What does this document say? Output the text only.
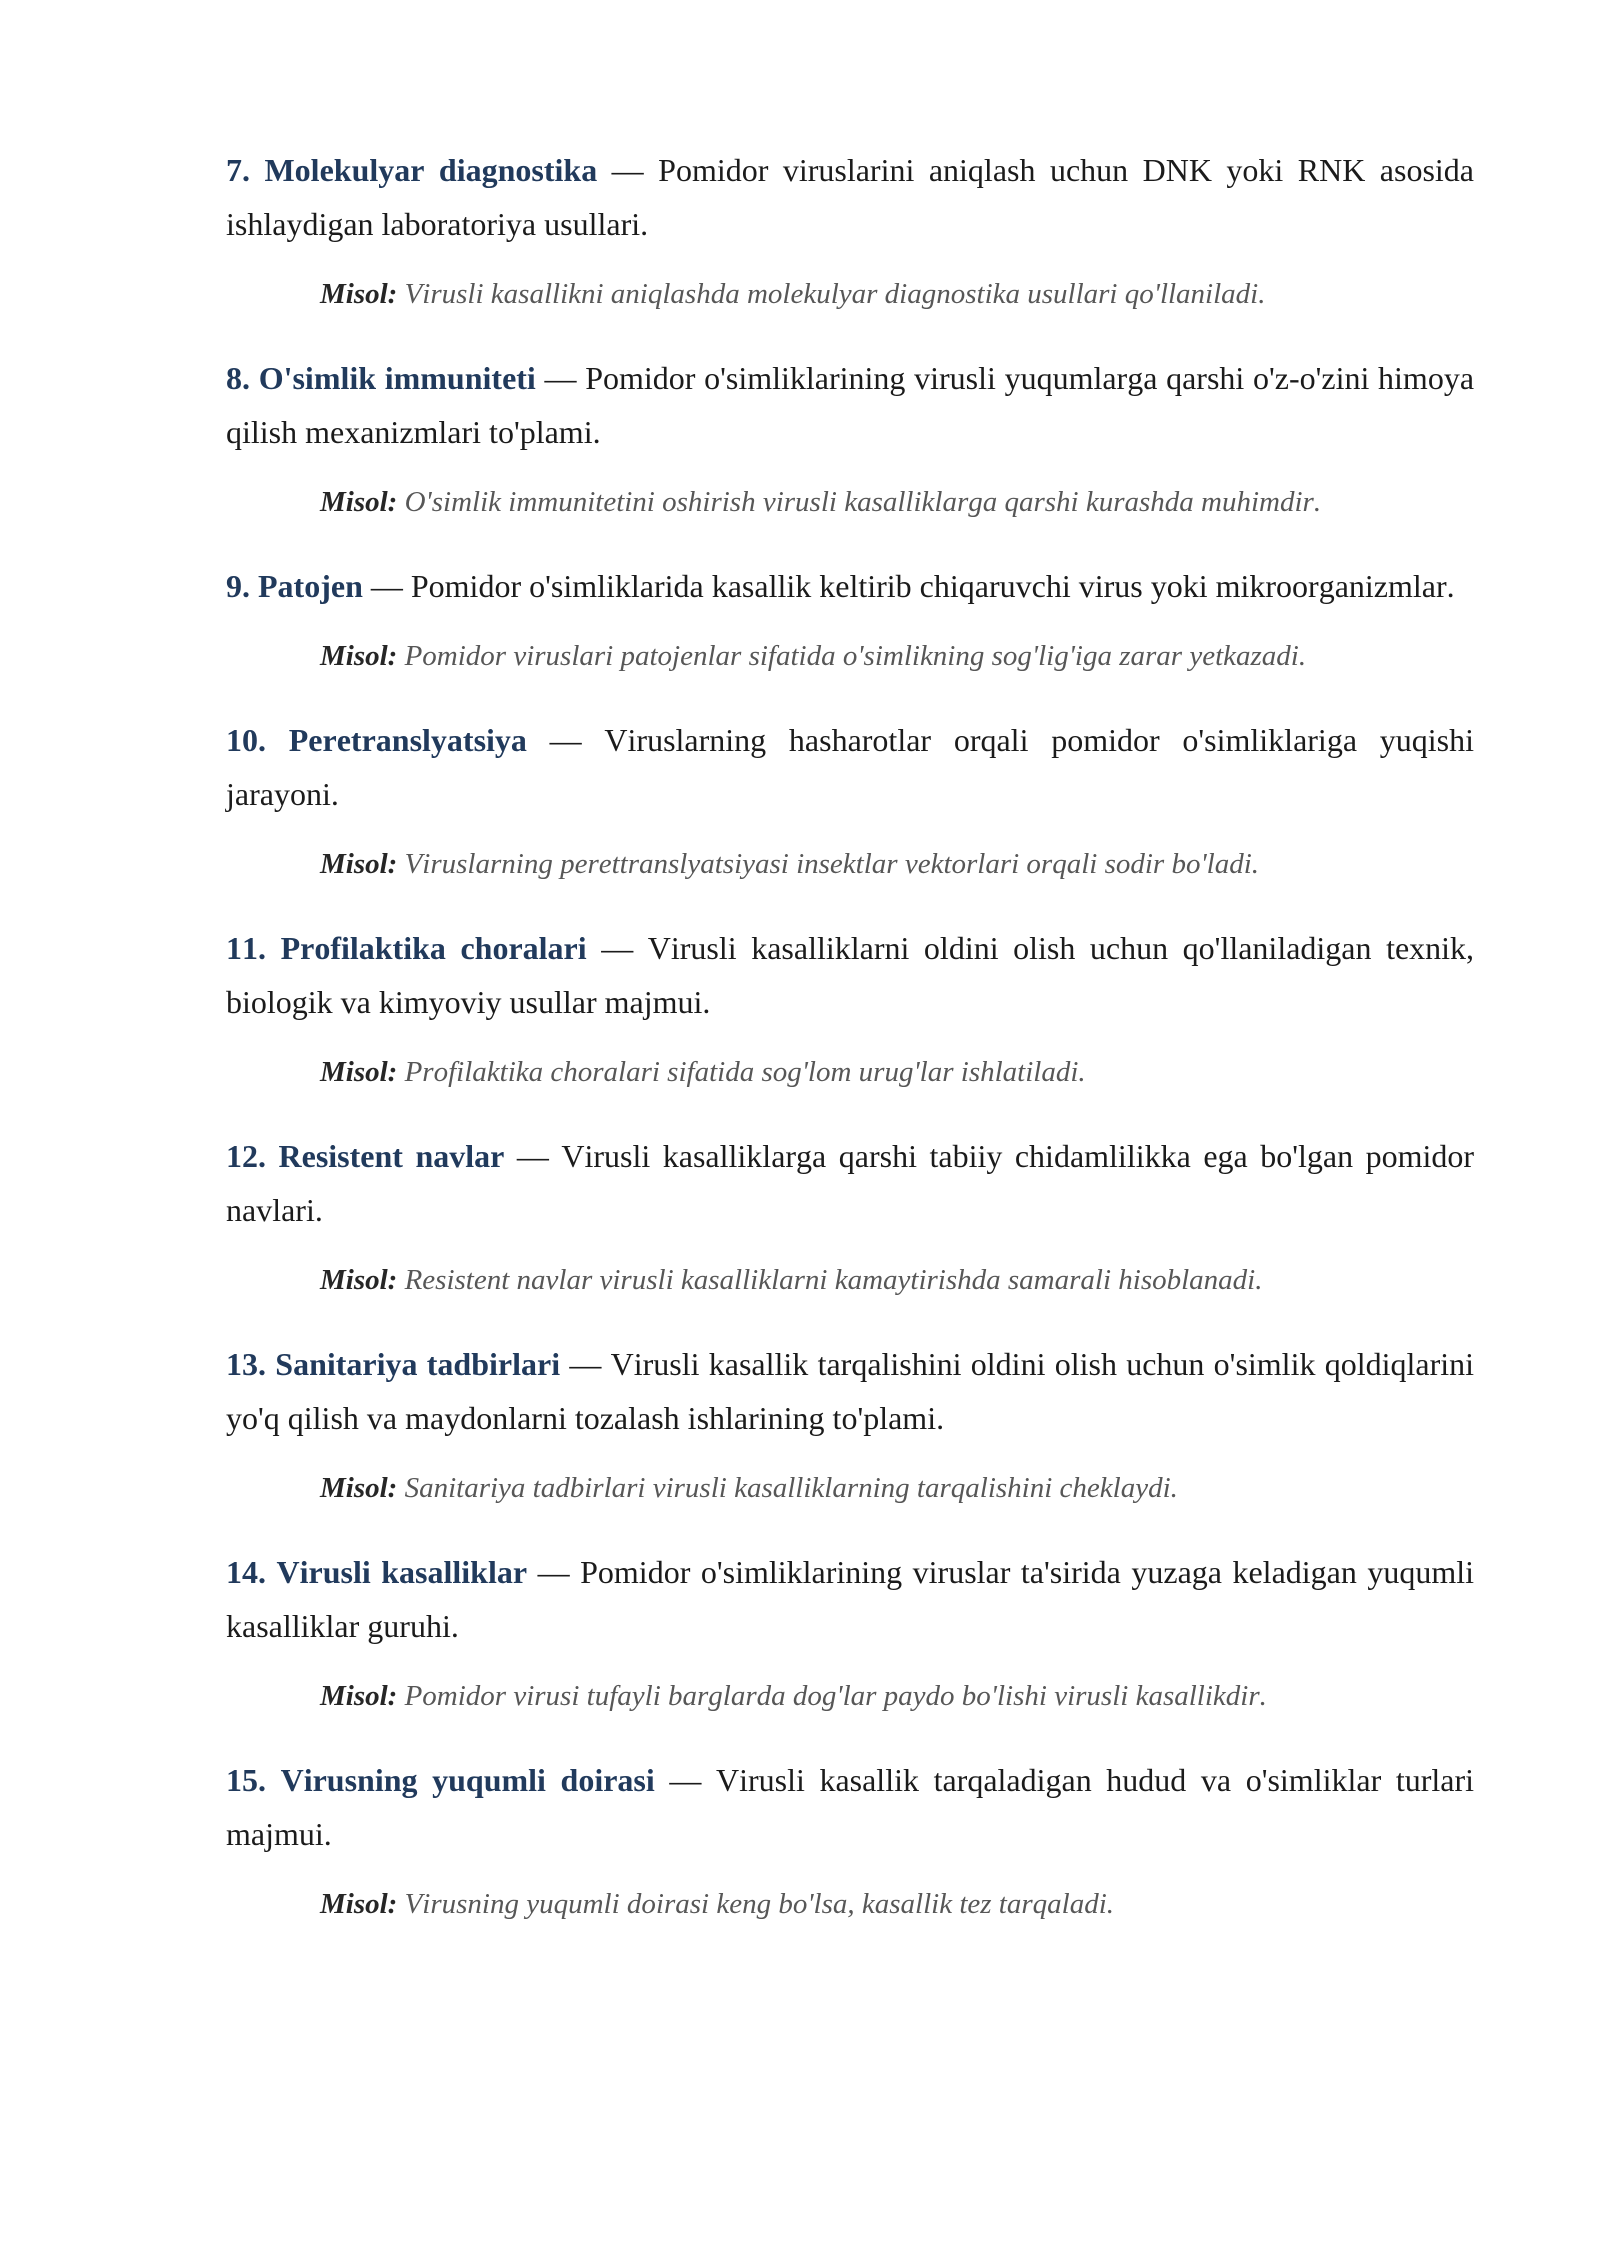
7. Molekulyar diagnostika — Pomidor viruslarini aniqlash uchun DNK yoki RNK asosida ishlaydigan laboratoriya usullari.

Misol: Virusli kasallikni aniqlashda molekulyar diagnostika usullari qo'llaniladi.

8. O'simlik immuniteti — Pomidor o'simliklarining virusli yuqumlarga qarshi o'z-o'zini himoya qilish mexanizmlari to'plami.

Misol: O'simlik immunitetini oshirish virusli kasalliklarga qarshi kurashda muhimdir.

9. Patojen — Pomidor o'simliklarida kasallik keltirib chiqaruvchi virus yoki mikroorganizmlar.

Misol: Pomidor viruslari patojenlar sifatida o'simlikning sog'lig'iga zarar yetkazadi.

10. Peretranslyatsiya — Viruslarning hasharotlar orqali pomidor o'simliklariga yuqishi jarayoni.

Misol: Viruslarning perettranslyatsiyasi insektlar vektorlari orqali sodir bo'ladi.

11. Profilaktika choralari — Virusli kasalliklarni oldini olish uchun qo'llaniladigan texnik, biologik va kimyoviy usullar majmui.

Misol: Profilaktika choralari sifatida sog'lom urug'lar ishlatiladi.

12. Resistent navlar — Virusli kasalliklarga qarshi tabiiy chidamlilikka ega bo'lgan pomidor navlari.

Misol: Resistent navlar virusli kasalliklarni kamaytirishda samarali hisoblanadi.

13. Sanitariya tadbirlari — Virusli kasallik tarqalishini oldini olish uchun o'simlik qoldiqlarini yo'q qilish va maydonlarni tozalash ishlarining to'plami.

Misol: Sanitariya tadbirlari virusli kasalliklarning tarqalishini cheklaydi.

14. Virusli kasalliklar — Pomidor o'simliklarining viruslar ta'sirida yuzaga keladigan yuqumli kasalliklar guruhi.

Misol: Pomidor virusi tufayli barglarda dog'lar paydo bo'lishi virusli kasallikdir.

15. Virusning yuqumli doirasi — Virusli kasallik tarqaladigan hudud va o'simliklar turlari majmui.

Misol: Virusning yuqumli doirasi keng bo'lsa, kasallik tez tarqaladi.
